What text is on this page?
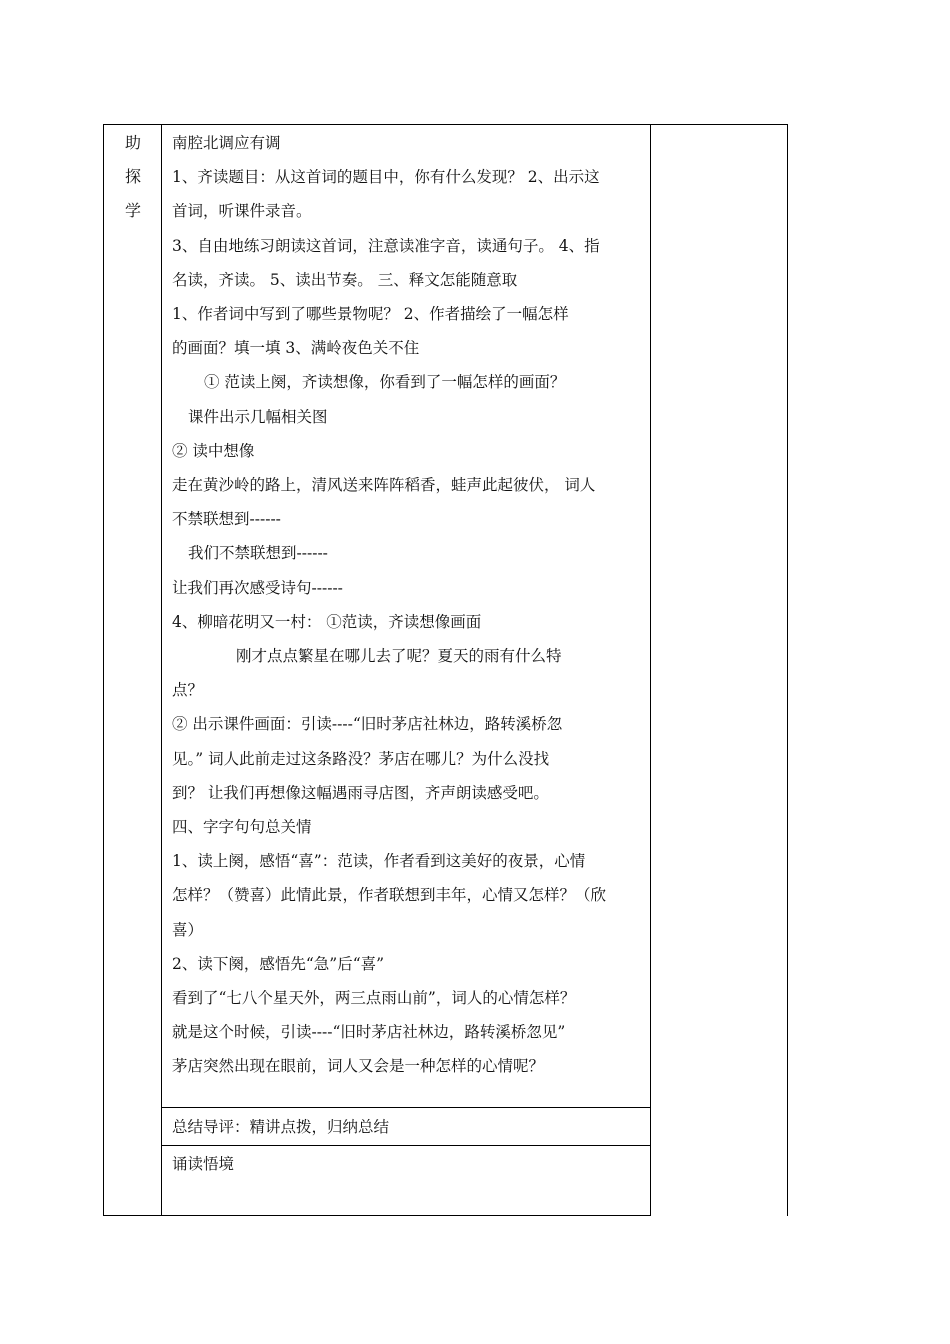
助
探
学

南腔北调应有调

1、齐读题目：从这首词的题目中，你有什么发现？ 2、出示这

首词，听课件录音。

3、自由地练习朗读这首词，注意读准字音，读通句子。 4、指

名读，齐读。 5、读出节奏。 三、释文怎能随意取

1、作者词中写到了哪些景物呢？ 2、作者描绘了一幅怎样

的画面？填一填 3、满岭夜色关不住

① 范读上阕，齐读想像，你看到了一幅怎样的画面？

课件出示几幅相关图

② 读中想像

走在黄沙岭的路上，清风送来阵阵稻香，蛙声此起彼伏， 词人

不禁联想到------

我们不禁联想到------

让我们再次感受诗句------

4、柳暗花明又一村： ①范读，齐读想像画面

刚才点点繁星在哪儿去了呢？夏天的雨有什么特

点？

② 出示课件画面：引读----“旧时茅店社林边，路转溪桥忽

见。” 词人此前走过这条路没？茅店在哪儿？为什么没找

到？ 让我们再想像这幅遇雨寻店图，齐声朗读感受吧。

四、字字句句总关情

1、读上阕，感悟“喜”：范读，作者看到这美好的夜景，心情

怎样？（赞喜）此情此景，作者联想到丰年，心情又怎样？（欣

喜）

2、读下阕，感悟先“急”后“喜”

看到了“七八个星天外，两三点雨山前”，词人的心情怎样？

就是这个时候，引读----“旧时茅店社林边，路转溪桥忽见”

茅店突然出现在眼前，词人又会是一种怎样的心情呢？

总结导评：精讲点拨，归纳总结
诵读悟境
